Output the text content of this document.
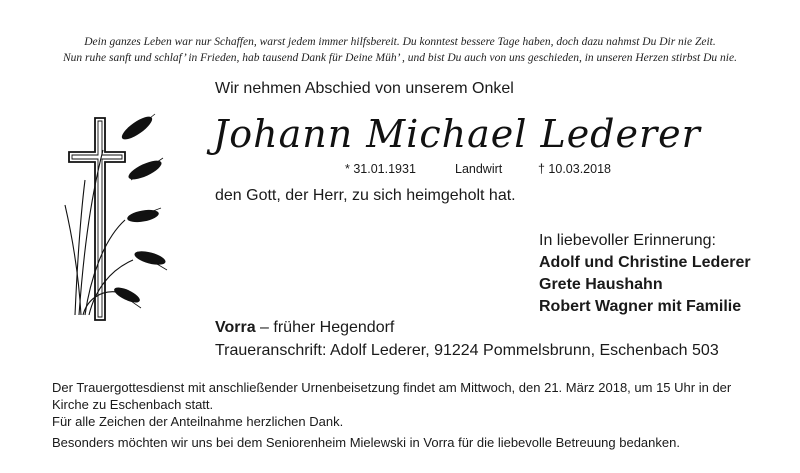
Dein ganzes Leben war nur Schaffen, warst jedem immer hilfsbereit. Du konntest bessere Tage haben, doch dazu nahmst Du Dir nie Zeit.
Nun ruhe sanft und schlaf’ in Frieden, hab tausend Dank für Deine Müh’ , und bist Du auch von uns geschieden, in unseren Herzen stirbst Du nie.
Wir nehmen Abschied von unserem Onkel
Johann Michael Lederer
* 31.01.1931	Landwirt	† 10.03.2018
den Gott, der Herr, zu sich heimgeholt hat.
In liebevoller Erinnerung:
Adolf und Christine Lederer
Grete Haushahn
Robert Wagner mit Familie
Vorra – früher Hegendorf
Traueranschrift: Adolf Lederer, 91224 Pommelsbrunn, Eschenbach 503
Der Trauergottesdienst mit anschließender Urnenbeisetzung findet am Mittwoch, den 21. März 2018, um 15 Uhr in der
Kirche zu Eschenbach statt.
Für alle Zeichen der Anteilnahme herzlichen Dank.
Besonders möchten wir uns bei dem Seniorenheim Mielewski in Vorra für die liebevolle Betreuung bedanken.
